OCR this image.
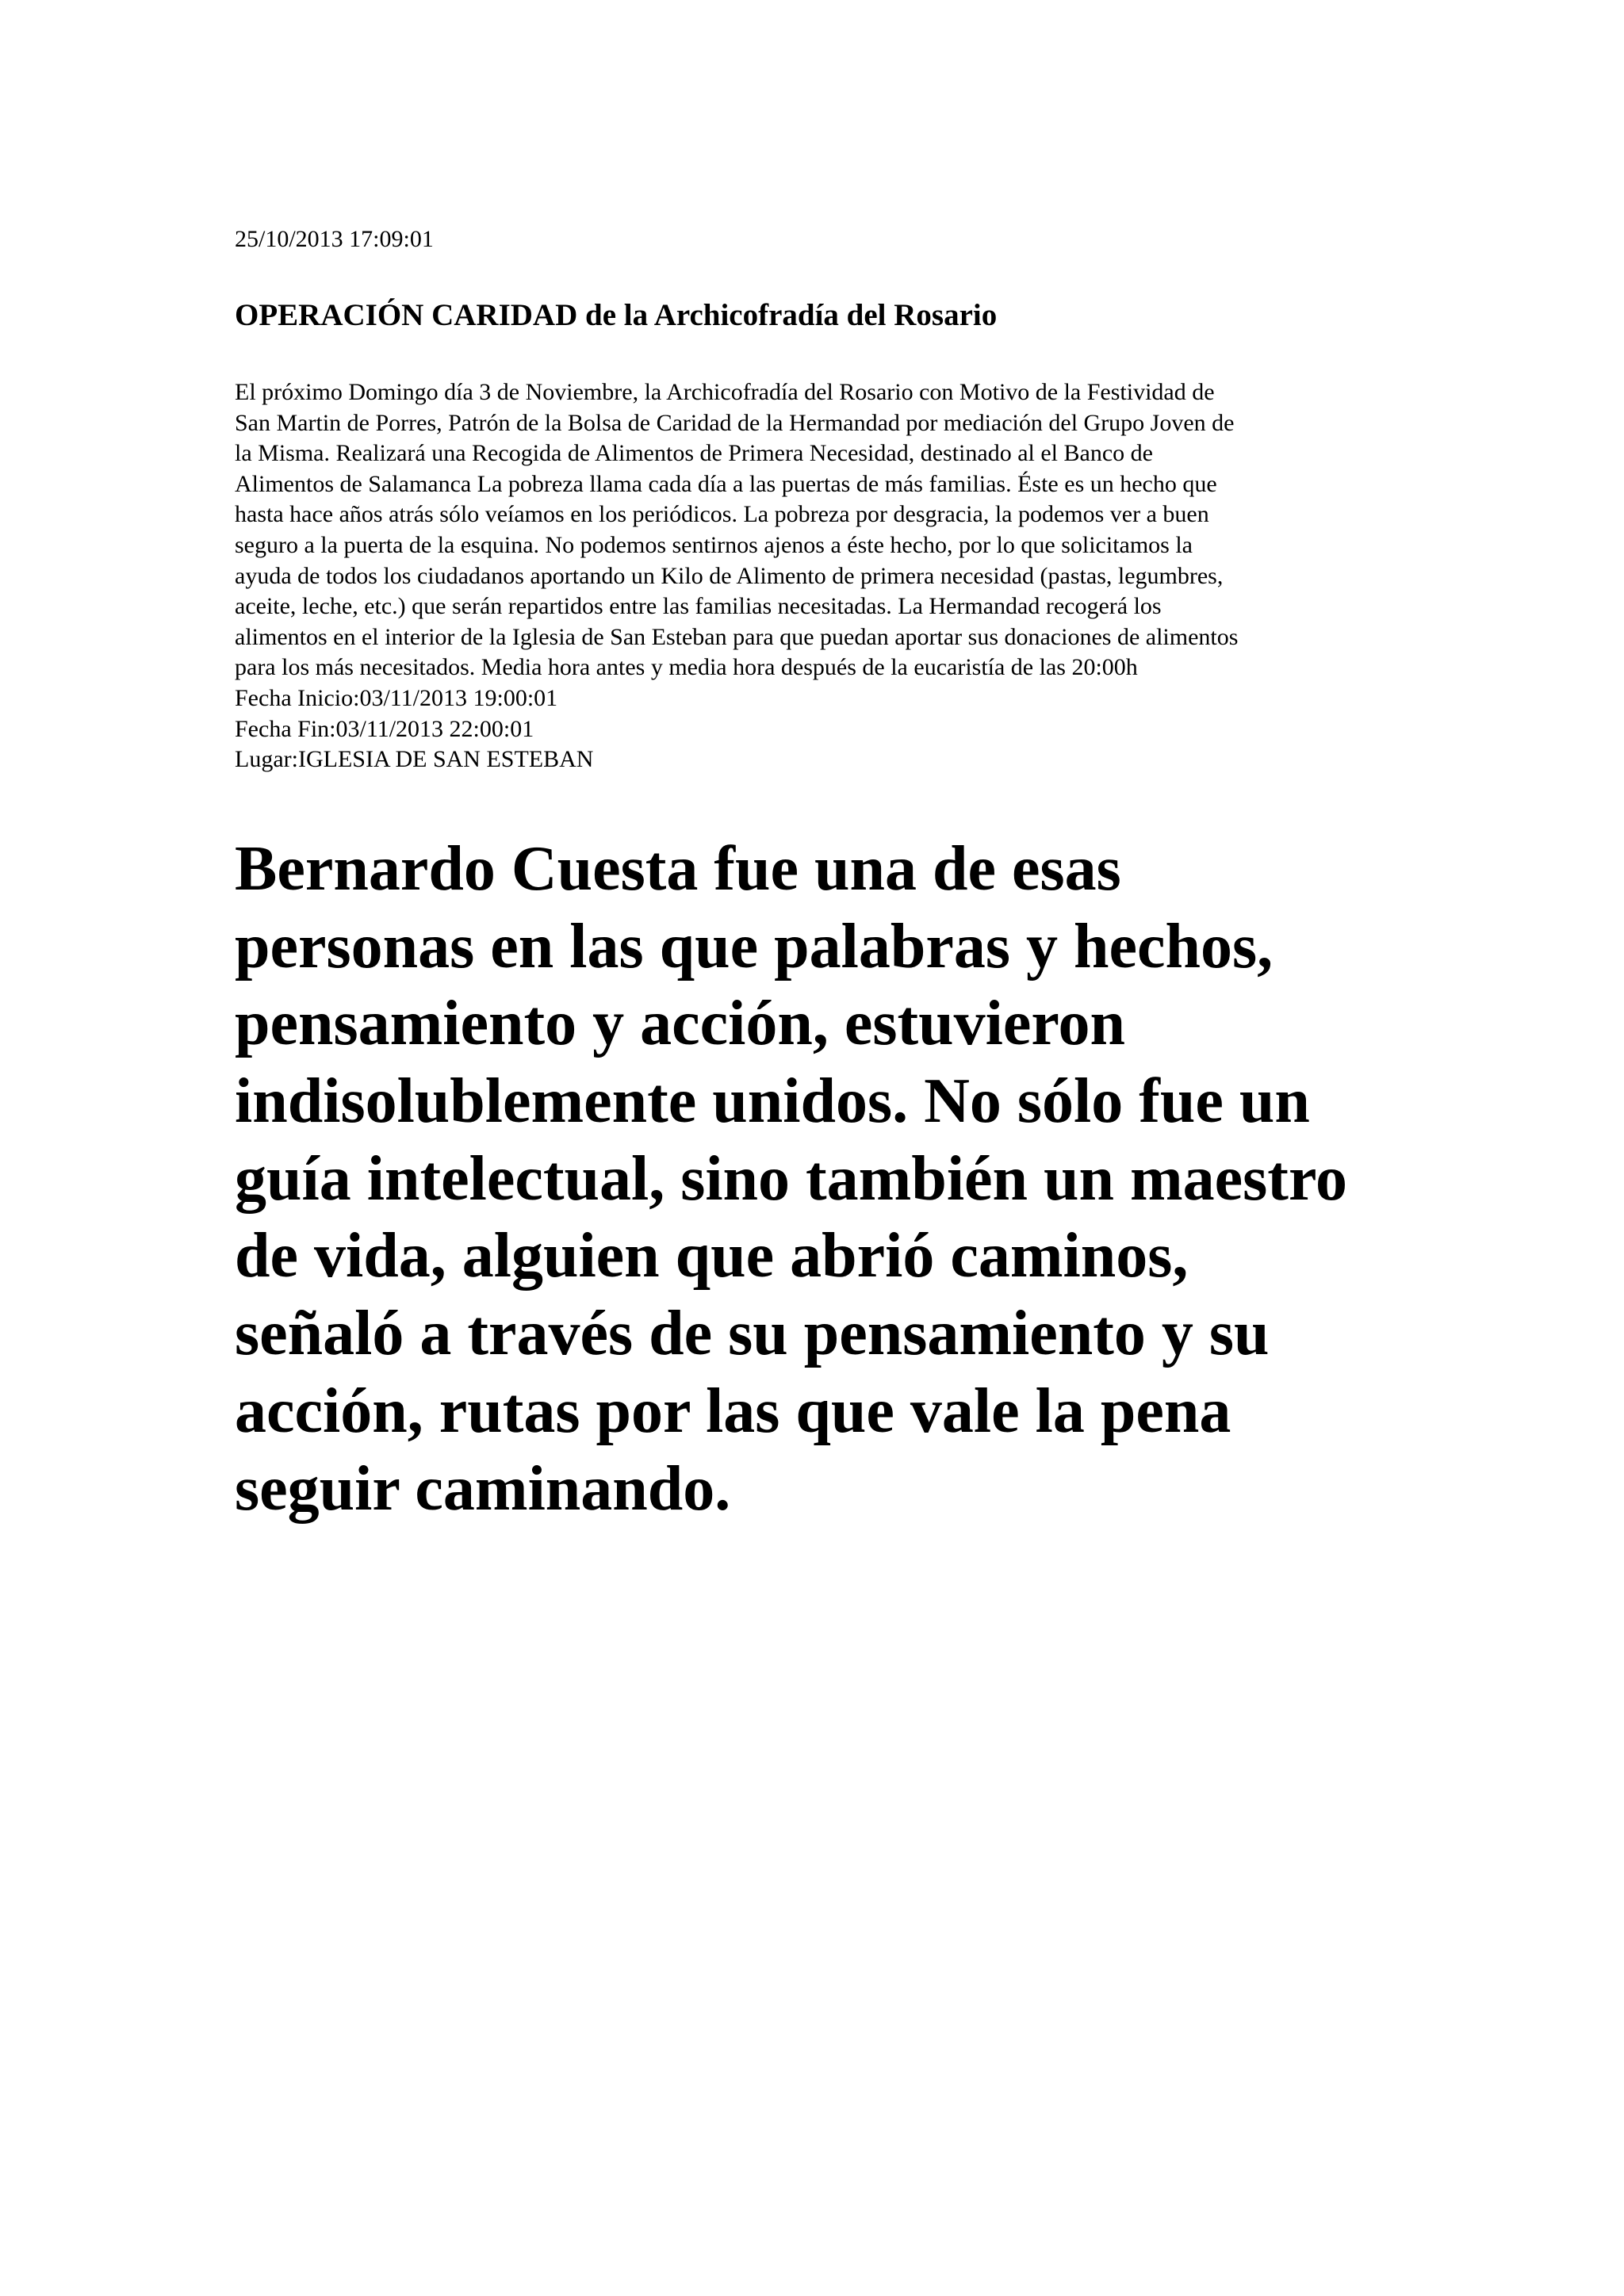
25/10/2013 17:09:01
OPERACIÓN CARIDAD de la Archicofradía del Rosario
El próximo Domingo día 3 de Noviembre, la Archicofradía del Rosario con Motivo de la Festividad de
San Martin de Porres, Patrón de la Bolsa de Caridad de la Hermandad por mediación del Grupo Joven de
la Misma. Realizará una Recogida de Alimentos de Primera Necesidad, destinado al el Banco de
Alimentos de Salamanca La pobreza llama cada día a las puertas de más familias. Éste es un hecho que
hasta hace años atrás sólo veíamos en los periódicos. La pobreza por desgracia, la podemos ver a buen
seguro a la puerta de la esquina. No podemos sentirnos ajenos a éste hecho, por lo que solicitamos la
ayuda de todos los ciudadanos aportando un Kilo de Alimento de primera necesidad (pastas, legumbres,
aceite, leche, etc.) que serán repartidos entre las familias necesitadas. La Hermandad recogerá los
alimentos en el interior de la Iglesia de San Esteban para que puedan aportar sus donaciones de alimentos
para los más necesitados. Media hora antes y media hora después de la eucaristía de las 20:00h
Fecha Inicio:03/11/2013 19:00:01
Fecha Fin:03/11/2013 22:00:01
Lugar:IGLESIA DE SAN ESTEBAN
Bernardo Cuesta fue una de esas
personas en las que palabras y hechos,
pensamiento y acción, estuvieron
indisolublemente unidos. No sólo fue un
guía intelectual, sino también un maestro
de vida, alguien que abrió caminos,
señaló a través de su pensamiento y su
acción, rutas por las que vale la pena
seguir caminando.
